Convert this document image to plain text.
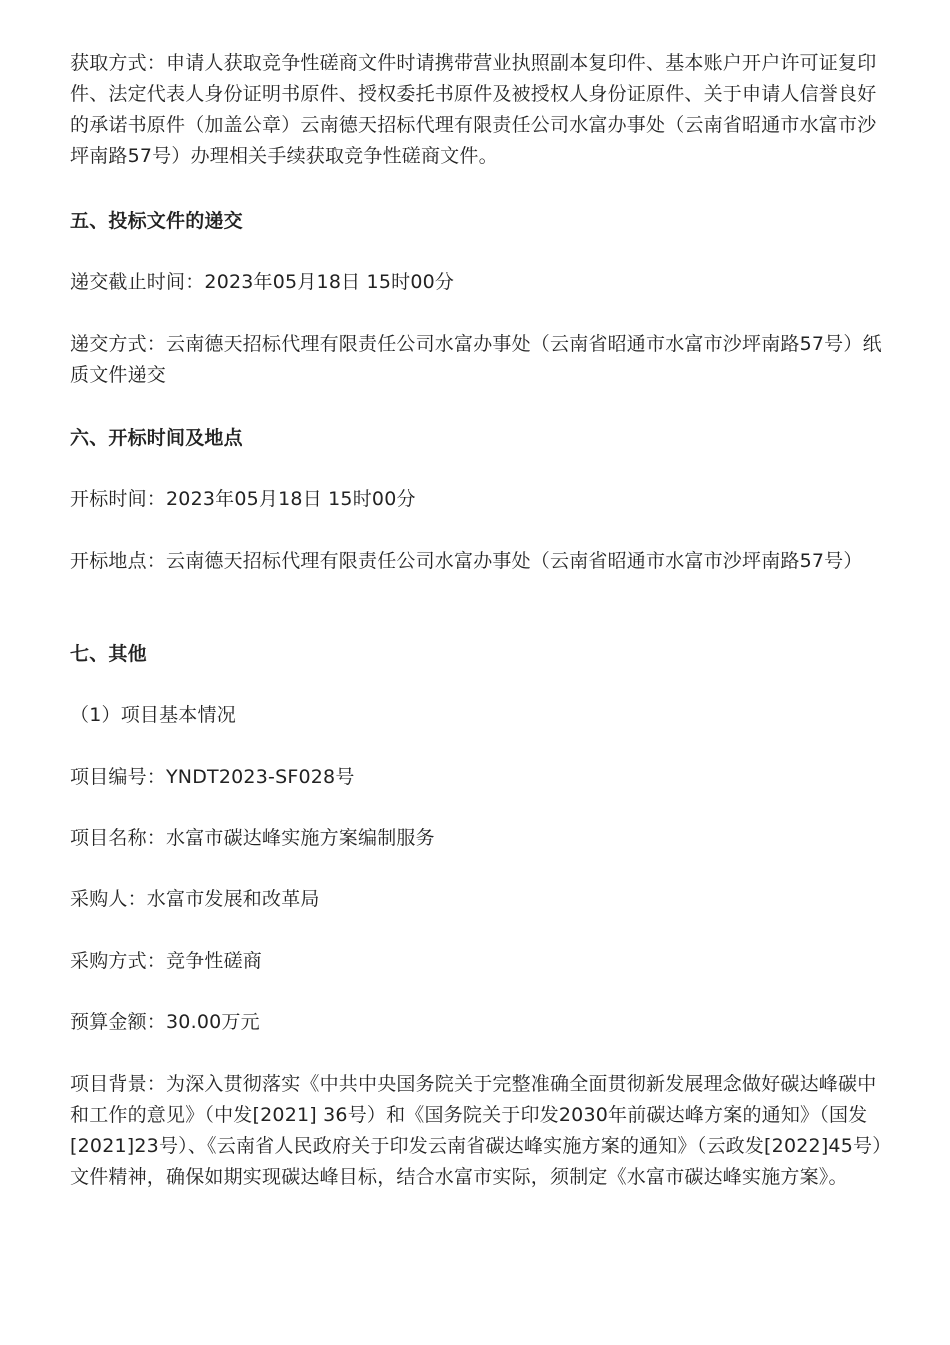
获取方式：申请人获取竞争性磋商文件时请携带营业执照副本复印件、基本账户开户许可证复印件、法定代表人身份证明书原件、授权委托书原件及被授权人身份证原件、关于申请人信誉良好的承诺书原件（加盖公章）云南德天招标代理有限责任公司水富办事处（云南省昭通市水富市沙坪南路57号）办理相关手续获取竞争性磋商文件。
五、投标文件的递交
递交截止时间：2023年05月18日 15时00分
递交方式：云南德天招标代理有限责任公司水富办事处（云南省昭通市水富市沙坪南路57号）纸质文件递交
六、开标时间及地点
开标时间：2023年05月18日 15时00分
开标地点：云南德天招标代理有限责任公司水富办事处（云南省昭通市水富市沙坪南路57号）
七、其他
（1）项目基本情况
项目编号：YNDT2023-SF028号
项目名称：水富市碳达峰实施方案编制服务
采购人：水富市发展和改革局
采购方式：竞争性磋商
预算金额：30.00万元
项目背景：为深入贯彻落实《中共中央国务院关于完整准确全面贯彻新发展理念做好碳达峰碳中和工作的意见》（中发[2021] 36号）和《国务院关于印发2030年前碳达峰方案的通知》（国发[2021]23号）、《云南省人民政府关于印发云南省碳达峰实施方案的通知》（云政发[2022]45号）文件精神，确保如期实现碳达峰目标，结合水富市实际，须制定《水富市碳达峰实施方案》。
